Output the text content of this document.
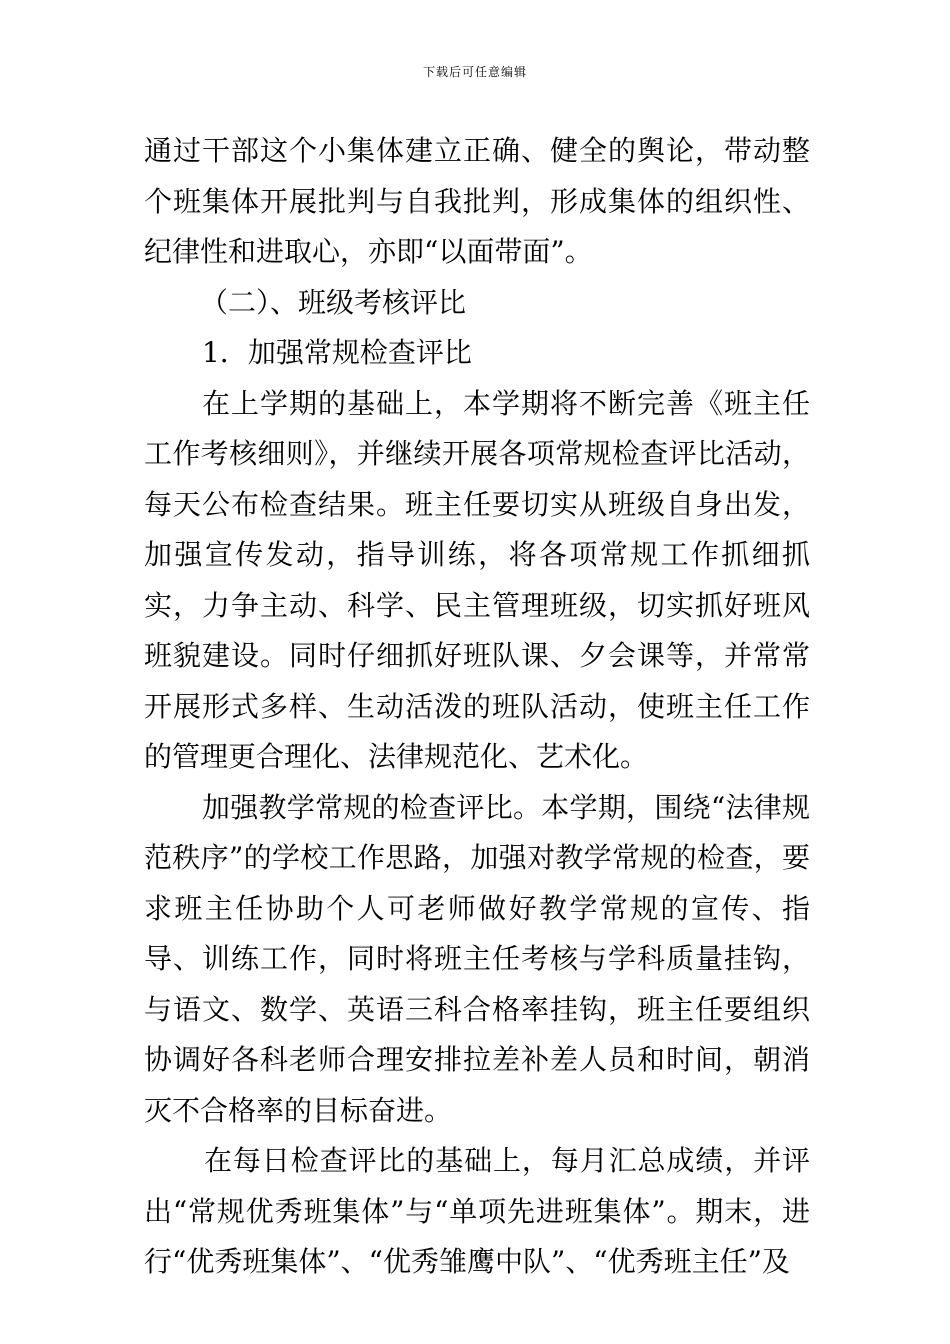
下载后可任意编辑

通过干部这个小集体建立正确、健全的舆论，带动整个班集体开展批判与自我批判，形成集体的组织性、纪律性和进取心，亦即“以面带面”。

（二）、班级考核评比

1．加强常规检查评比

在上学期的基础上，本学期将不断完善《班主任工作考核细则》，并继续开展各项常规检查评比活动，每天公布检查结果。班主任要切实从班级自身出发，加强宣传发动，指导训练，将各项常规工作抓细抓实，力争主动、科学、民主管理班级，切实抓好班风班貌建设。同时仔细抓好班队课、夕会课等，并常常开展形式多样、生动活泼的班队活动，使班主任工作的管理更合理化、法律规范化、艺术化。

加强教学常规的检查评比。本学期，围绕“法律规范秩序”的学校工作思路，加强对教学常规的检查，要求班主任协助个人可老师做好教学常规的宣传、指导、训练工作，同时将班主任考核与学科质量挂钩，与语文、数学、英语三科合格率挂钩，班主任要组织协调好各科老师合理安排拉差补差人员和时间，朝消灭不合格率的目标奋进。

在每日检查评比的基础上，每月汇总成绩，并评出“常规优秀班集体”与“单项先进班集体”。期末，进行“优秀班集体”、“优秀雏鹰中队”、“优秀班主任”及
